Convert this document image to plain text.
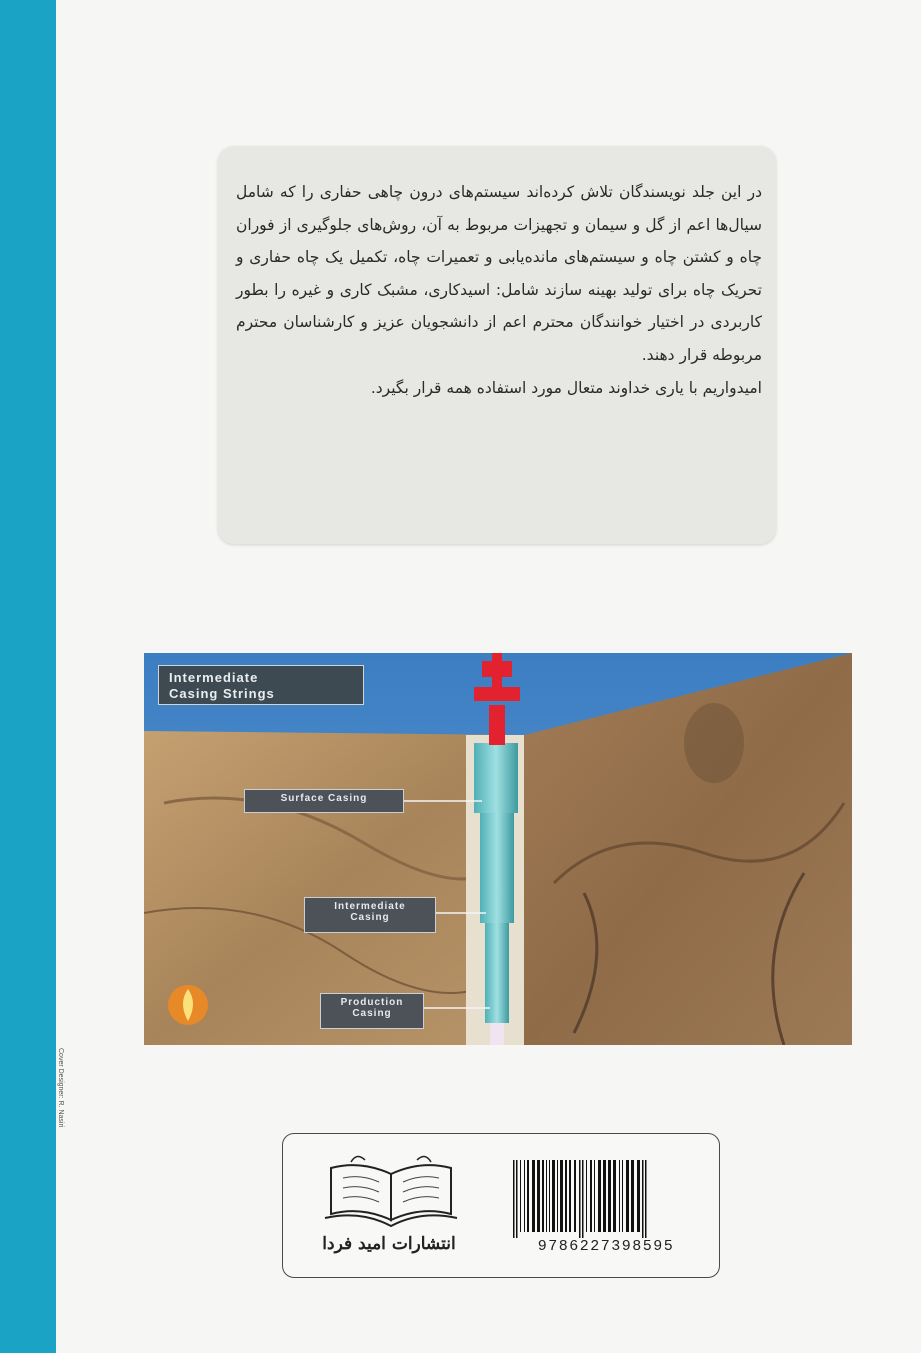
Cover Designer: R. Nasiri

در این جلد نویسندگان تلاش کرده‌اند سیستم‌های درون چاهی حفاری را که شامل سیال‌ها اعم از گل و سیمان و تجهیزات مربوط به آن، روش‌های جلوگیری از فوران چاه و کشتن چاه و سیستم‌های مانده‌یابی و تعمیرات چاه، تکمیل یک چاه حفاری و تحریک چاه برای تولید بهینه سازند شامل: اسیدکاری، مشبک کاری و غیره را بطور کاربردی در اختیار خوانندگان محترم اعم از دانشجویان عزیز و کارشناسان محترم مربوطه قرار دهند.

امیدواریم با یاری خداوند متعال مورد استفاده همه قرار بگیرد.

Intermediate
Casing Strings
Surface Casing
Intermediate
Casing
Production
Casing
انتشارات امید فردا	9786227398595
